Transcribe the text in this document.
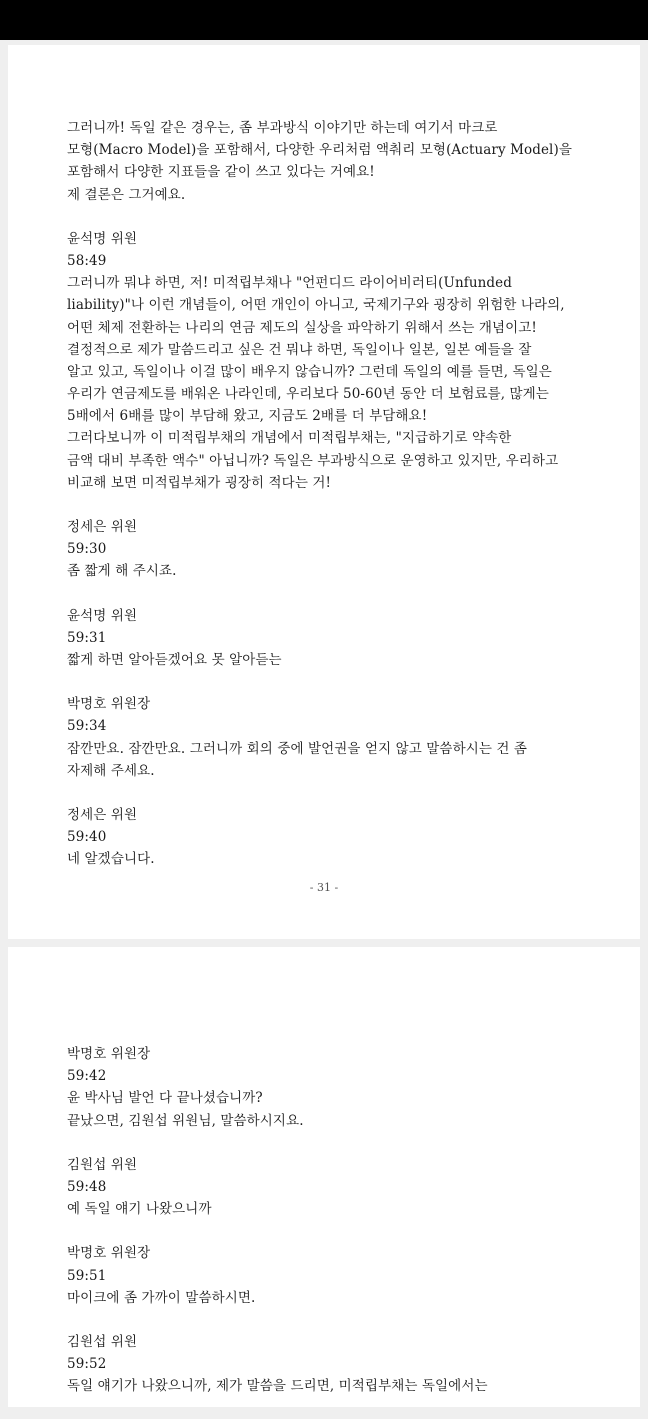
그러니까! 독일 같은 경우는, 좀 부과방식 이야기만 하는데 여기서 마크로
모형(Macro Model)을 포함해서, 다양한 우리처럼 액춰리 모형(Actuary Model)을
포함해서 다양한 지표들을 같이 쓰고 있다는 거예요!
제 결론은 그거예요.
윤석명 위원
58:49
그러니까 뭐냐 하면, 저! 미적립부채나 "언펀디드 라이어비러티(Unfunded
liability)"나 이런 개념들이, 어떤 개인이 아니고, 국제기구와 굉장히 위험한 나라의,
어떤 체제 전환하는 나리의 연금 제도의 실상을 파악하기 위해서 쓰는 개념이고!
결정적으로 제가 말씀드리고 싶은 건 뭐냐 하면, 독일이나 일본, 일본 예들을 잘
알고 있고, 독일이나 이걸 많이 배우지 않습니까? 그런데 독일의 예를 들면, 독일은
우리가 연금제도를 배워온 나라인데, 우리보다 50-60년 동안 더 보험료를, 많게는
5배에서 6배를 많이 부담해 왔고, 지금도 2배를 더 부담해요!
그러다보니까 이 미적립부채의 개념에서 미적립부채는, "지급하기로 약속한
금액 대비 부족한 액수" 아닙니까? 독일은 부과방식으로 운영하고 있지만, 우리하고
비교해 보면 미적립부채가 굉장히 적다는 거!
정세은 위원
59:30
좀 짧게 해 주시죠.
윤석명 위원
59:31
짧게 하면 알아듣겠어요 못 알아듣는
박명호 위원장
59:34
잠깐만요. 잠깐만요. 그러니까 회의 중에 발언권을 얻지 않고 말씀하시는 건 좀
자제해 주세요.
정세은 위원
59:40
네 알겠습니다.
- 31 -
박명호 위원장
59:42
윤 박사님 발언 다 끝나셨습니까?
끝났으면, 김원섭 위원님, 말씀하시지요.
김원섭 위원
59:48
예 독일 얘기 나왔으니까
박명호 위원장
59:51
마이크에 좀 가까이 말씀하시면.
김원섭 위원
59:52
독일 얘기가 나왔으니까, 제가 말씀을 드리면, 미적립부채는 독일에서는
